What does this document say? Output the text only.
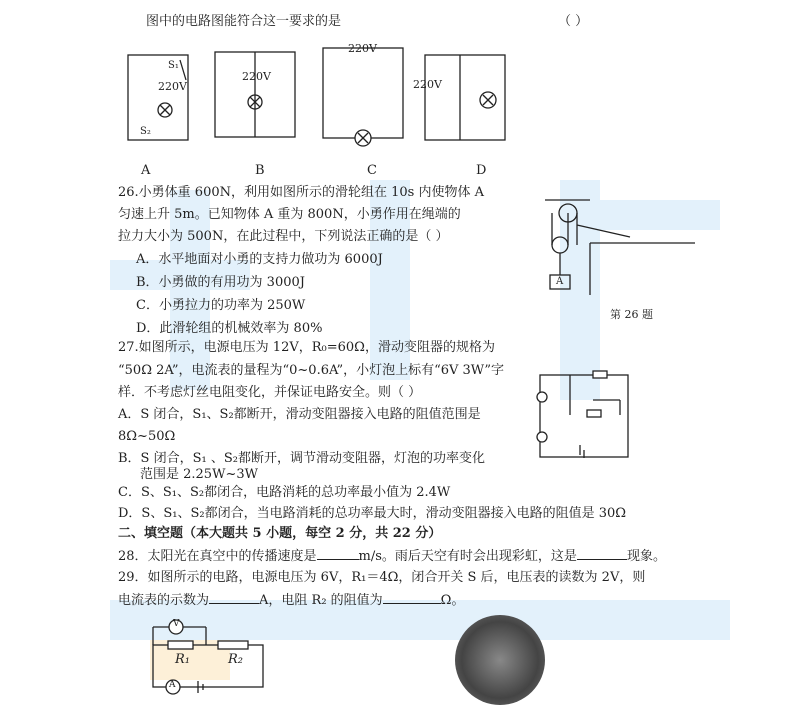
图中的电路图能符合这一要求的是	（ ）
220V
220V
220V
220V
S₁
S₂
A	B	C	D
26.小勇体重 600N，利用如图所示的滑轮组在 10s 内使物体 A
匀速上升 5m。已知物体 A 重为 800N，小勇作用在绳端的
拉力大小为 500N，在此过程中，下列说法正确的是（ ）
A．水平地面对小勇的支持力做功为 6000J
B．小勇做的有用功为 3000J
C．小勇拉力的功率为 250W
D．此滑轮组的机械效率为 80%
A
第 26 题
27.如图所示，电源电压为 12V，R₀=60Ω，滑动变阻器的规格为
“50Ω 2A”，电流表的量程为“0~0.6A”，小灯泡上标有“6V 3W”字
样．不考虑灯丝电阻变化，并保证电路安全。则（ ）
A．S 闭合，S₁、S₂都断开，滑动变阻器接入电路的阻值范围是
8Ω~50Ω
B．S 闭合，S₁ 、S₂都断开，调节滑动变阻器，灯泡的功率变化
范围是 2.25W~3W
C．S、S₁、S₂都闭合，电路消耗的总功率最小值为 2.4W
D．S、S₁、S₂都闭合，当电路消耗的总功率最大时，滑动变阻器接入电路的阻值是 30Ω
二、填空题（本大题共 5 小题，每空 2 分，共 22 分）
28．太阳光在真空中的传播速度是	m/s。雨后天空有时会出现彩虹，这是	现象。
29．如图所示的电路，电源电压为 6V，R₁＝4Ω，闭合开关 S 后，电压表的读数为 2V，则
电流表的示数为	A，电阻 R₂ 的阻值为	Ω。
V
R₁	R₂
A
